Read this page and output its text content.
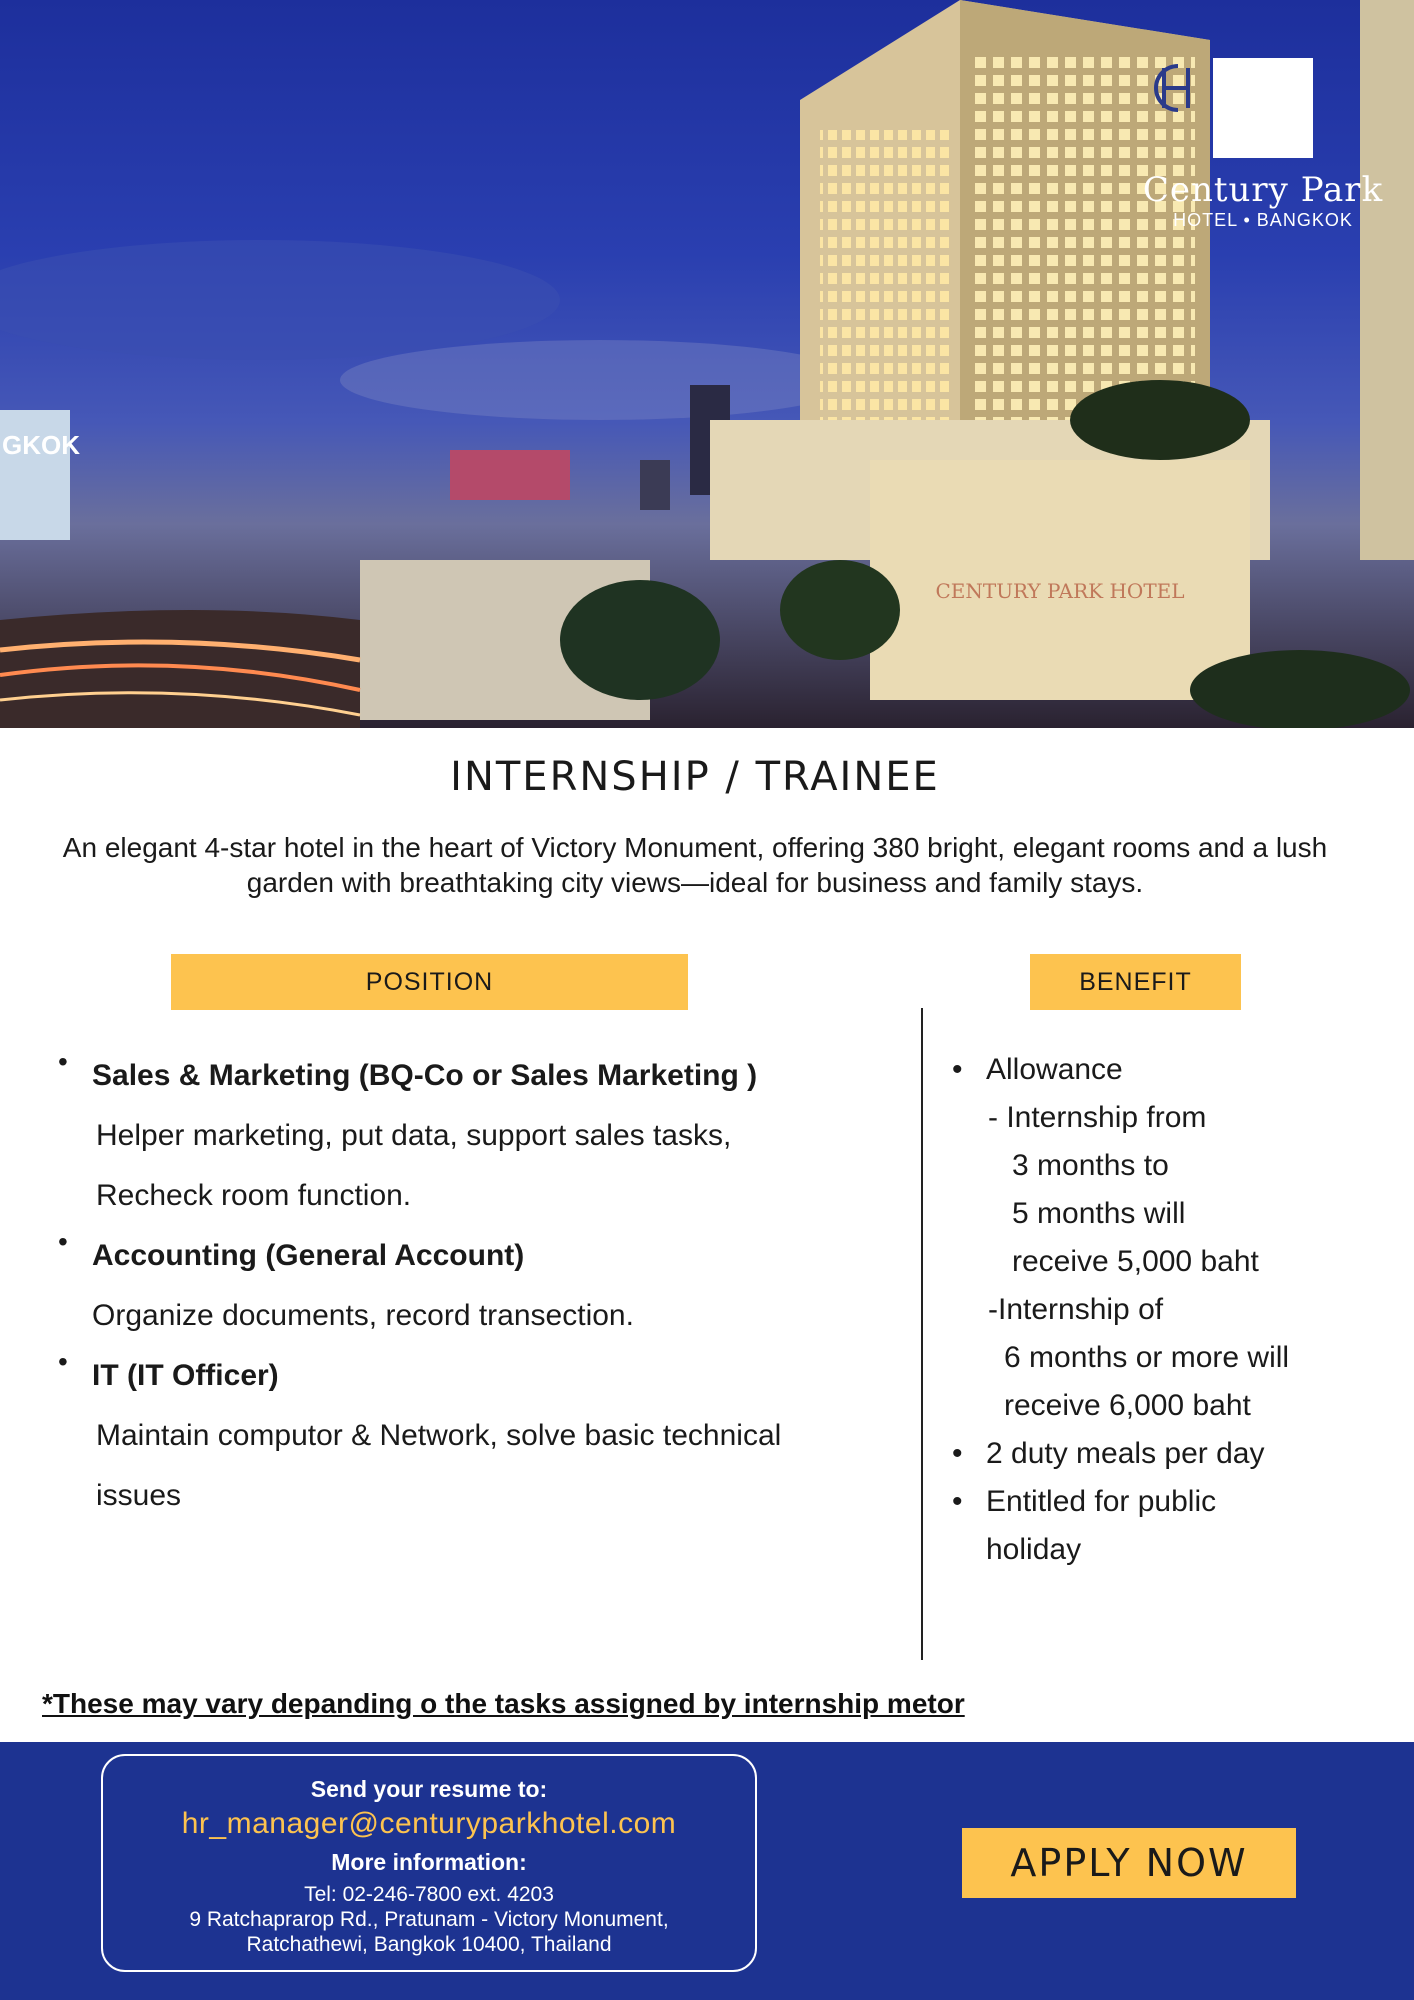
GKOK
CENTURY PARK HOTEL
Century Park
HOTEL • BANGKOK
INTERNSHIP / TRAINEE
An elegant 4-star hotel in the heart of Victory Monument, offering 380 bright, elegant rooms and a lush garden with breathtaking city views—ideal for business and family stays.
POSITION	BENEFIT
• Sales & Marketing (BQ-Co or Sales Marketing )
Helper marketing, put data, support sales tasks,
Recheck room function.
• Accounting (General Account)
Organize documents, record transection.
• IT (IT Officer)
Maintain computor & Network, solve basic technical
issues
• Allowance
- Internship from
3 months to
5 months will
receive 5,000 baht
-Internship of
6 months or more will
receive 6,000 baht
• 2 duty meals per day
• Entitled for public
holiday
*These may vary depanding o the tasks assigned by internship metor
Send your resume to:
hr_manager@centuryparkhotel.com
More information:
Tel: 02-246-7800 ext. 4203
9 Ratchaprarop Rd., Pratunam - Victory Monument,
Ratchathewi, Bangkok 10400, Thailand
APPLY NOW
